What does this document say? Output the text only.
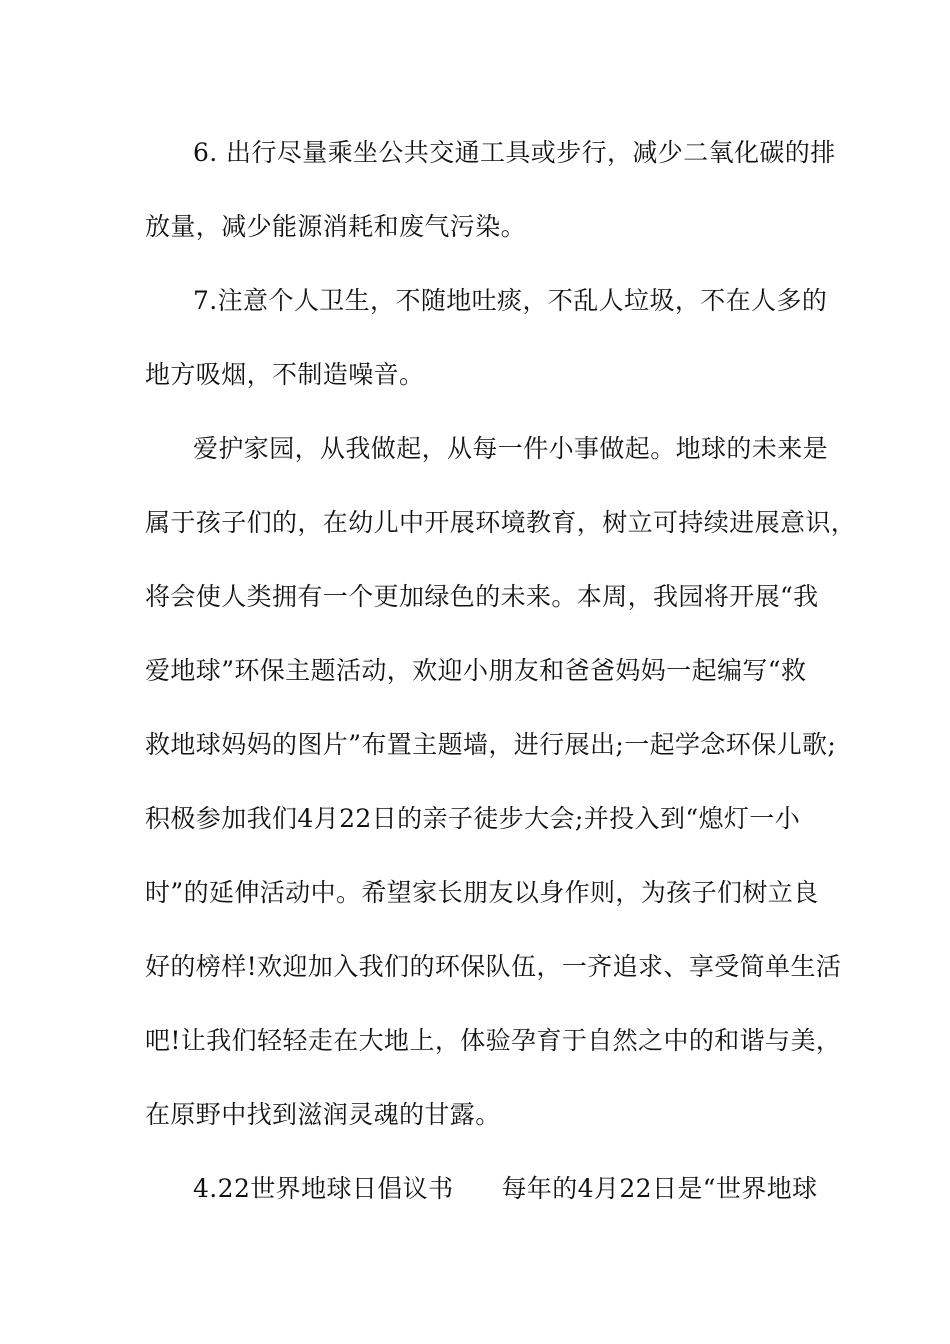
6. 出行尽量乘坐公共交通工具或步行，减少二氧化碳的排

放量，减少能源消耗和废气污染。

7.注意个人卫生，不随地吐痰，不乱人垃圾，不在人多的

地方吸烟，不制造噪音。

爱护家园，从我做起，从每一件小事做起。地球的未来是

属于孩子们的，在幼儿中开展环境教育，树立可持续进展意识，

将会使人类拥有一个更加绿色的未来。本周，我园将开展“我

爱地球”环保主题活动，欢迎小朋友和爸爸妈妈一起编写“救

救地球妈妈的图片”布置主题墙，进行展出;一起学念环保儿歌;

积极参加我们4月22日的亲子徒步大会;并投入到“熄灯一小

时”的延伸活动中。希望家长朋友以身作则，为孩子们树立良

好的榜样!欢迎加入我们的环保队伍，一齐追求、享受简单生活

吧!让我们轻轻走在大地上，体验孕育于自然之中的和谐与美，

在原野中找到滋润灵魂的甘露。

4.22世界地球日倡议书 每年的4月22日是“世界地球
